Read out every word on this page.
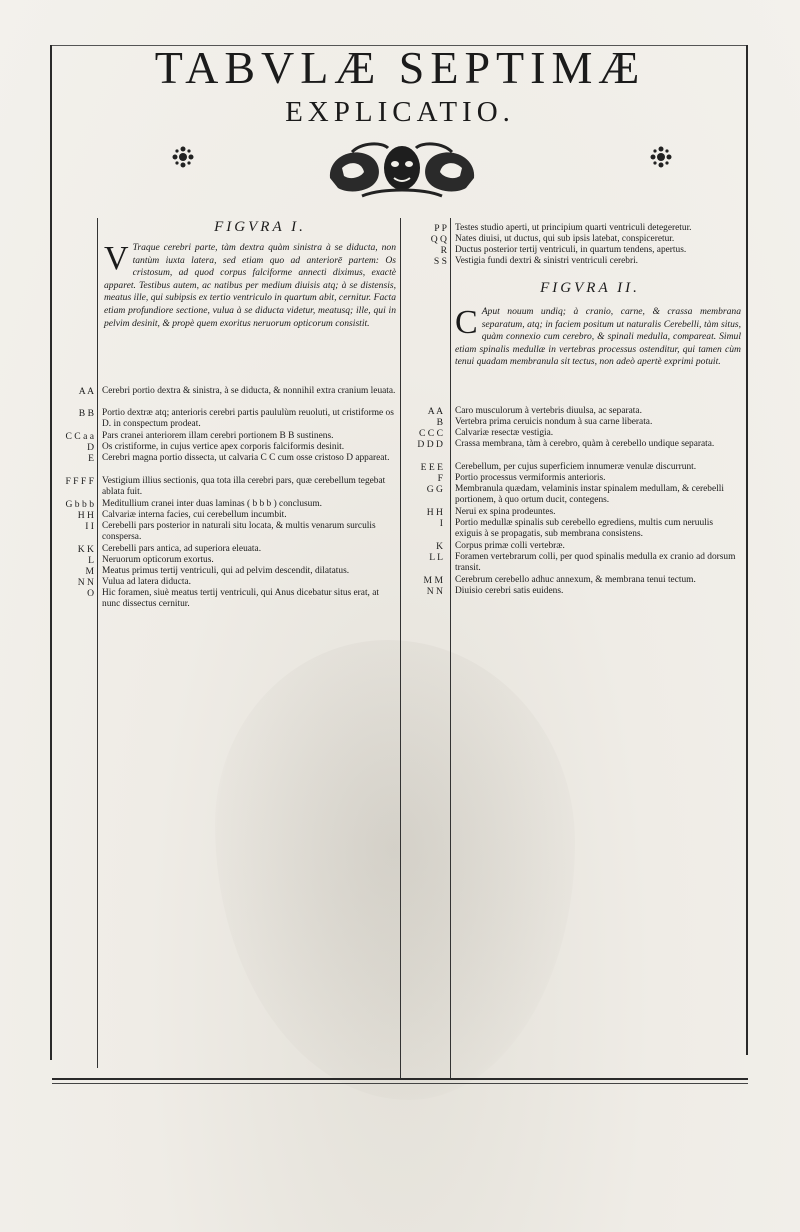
TABVLÆ SEPTIMÆ
EXPLICATIO.
FIGVRA I.
V Traque cerebri parte, tàm dextra quàm sinistra à se diducta, non tantùm iuxta latera, sed etiam quo ad anteriorē partem: Os cristosum, ad quod corpus falciforme annecti diximus, exactè apparet. Testibus autem, ac natibus per medium diuisis atq; à se distensis, meatus ille, qui subipsis ex tertio ventriculo in quartum abit, cernitur. Facta etiam profundiore sectione, vulua à se diducta videtur, meatusq; ille, qui in pelvim desinit, & propè quem exoritus neruorum opticorum consistit.
A A Cerebri portio dextra & sinistra, à se diducta, & nonnihil extra cranium leuata.
B B Portio dextræ atq; anterioris cerebri partis paululùm reuoluti, ut cristiforme os D. in conspectum prodeat.
C C a a Pars cranei anteriorem illam cerebri portionem B B sustinens.
D Os cristiforme, in cujus vertice apex corporis falciformis desinit.
E Cerebri magna portio dissecta, ut calvaria C C cum osse cristoso D appareat.
F F F F Vestigium illius sectionis, qua tota illa cerebri pars, quæ cerebellum tegebat ablata fuit.
G b b b Meditullium cranei inter duas laminas ( b b b ) conclusum.
H H Calvariæ interna facies, cui cerebellum incumbit.
I I Cerebelli pars posterior in naturali situ locata, & multis venarum surculis conspersa.
K K Cerebelli pars antica, ad superiora eleuata.
L Neruorum opticorum exortus.
M Meatus primus tertij ventriculi, qui ad pelvim descendit, dilatatus.
N N Vulua ad latera diducta.
O Hic foramen, siuè meatus tertij ventriculi, qui Anus dicebatur situs erat, at nunc dissectus cernitur.
P P Testes studio aperti, ut principium quarti ventriculi detegeretur.
Q Q Nates diuisi, ut ductus, qui sub ipsis latebat, conspiceretur.
R Ductus posterior tertij ventriculi, in quartum tendens, apertus.
S S Vestigia fundi dextri & sinistri ventriculi cerebri.
FIGVRA II.
C Aput nouum undiq; à cranio, carne, & crassa membrana separatum, atq; in faciem positum ut naturalis Cerebelli, tàm situs, quàm connexio cum cerebro, & spinali medulla, compareat. Simul etiam spinalis medullæ in vertebras processus ostenditur, qui tamen cùm tenui quadam membranula sit tectus, non adeò apertè exprimi potuit.
A A Caro musculorum à vertebris diuulsa, ac separata.
B Vertebra prima ceruicis nondum à sua carne liberata.
C C C Calvariæ resectæ vestigia.
D D D Crassa membrana, tàm à cerebro, quàm à cerebello undique separata.
E E E Cerebellum, per cujus superficiem innumeræ venulæ discurrunt.
F Portio processus vermiformis anterioris.
G G Membranula quædam, velaminis instar spinalem medullam, & cerebelli portionem, à quo ortum ducit, contegens.
H H Nerui ex spina prodeuntes.
I Portio medullæ spinalis sub cerebello egrediens, multis cum neruulis exiguis à se propagatis, sub membrana consistens.
K Corpus primæ colli vertebræ.
L L Foramen vertebrarum colli, per quod spinalis medulla ex cranio ad dorsum transit.
M M Cerebrum cerebello adhuc annexum, & membrana tenui tectum.
N N Diuisio cerebri satis euidens.
